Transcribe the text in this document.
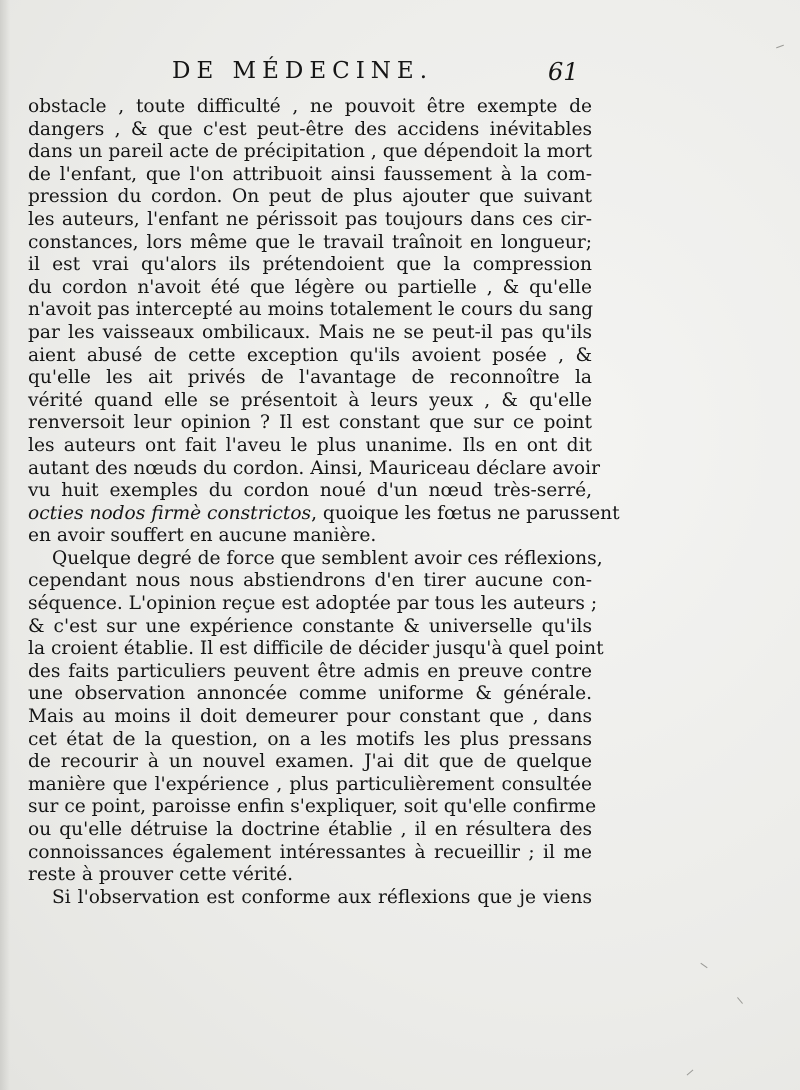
DE MÉDECINE.	61
obstacle , toute difficulté , ne pouvoit être exempte de
dangers , & que c'est peut-être des accidens inévitables
dans un pareil acte de précipitation , que dépendoit la mort
de l'enfant, que l'on attribuoit ainsi faussement à la com-
pression du cordon. On peut de plus ajouter que suivant
les auteurs, l'enfant ne périssoit pas toujours dans ces cir-
constances, lors même que le travail traînoit en longueur;
il est vrai qu'alors ils prétendoient que la compression
du cordon n'avoit été que légère ou partielle , & qu'elle
n'avoit pas intercepté au moins totalement le cours du sang
par les vaisseaux ombilicaux. Mais ne se peut-il pas qu'ils
aient abusé de cette exception qu'ils avoient posée , &
qu'elle les ait privés de l'avantage de reconnoître la
vérité quand elle se présentoit à leurs yeux , & qu'elle
renversoit leur opinion ? Il est constant que sur ce point
les auteurs ont fait l'aveu le plus unanime. Ils en ont dit
autant des nœuds du cordon. Ainsi, Mauriceau déclare avoir
vu huit exemples du cordon noué d'un nœud très-serré,
octies nodos firmè constrictos, quoique les fœtus ne parussent
en avoir souffert en aucune manière.
Quelque degré de force que semblent avoir ces réflexions,
cependant nous nous abstiendrons d'en tirer aucune con-
séquence. L'opinion reçue est adoptée par tous les auteurs ;
& c'est sur une expérience constante & universelle qu'ils
la croient établie. Il est difficile de décider jusqu'à quel point
des faits particuliers peuvent être admis en preuve contre
une observation annoncée comme uniforme & générale.
Mais au moins il doit demeurer pour constant que , dans
cet état de la question, on a les motifs les plus pressans
de recourir à un nouvel examen. J'ai dit que de quelque
manière que l'expérience , plus particulièrement consultée
sur ce point, paroisse enfin s'expliquer, soit qu'elle confirme
ou qu'elle détruise la doctrine établie , il en résultera des
connoissances également intéressantes à recueillir ; il me
reste à prouver cette vérité.
Si l'observation est conforme aux réflexions que je viens
